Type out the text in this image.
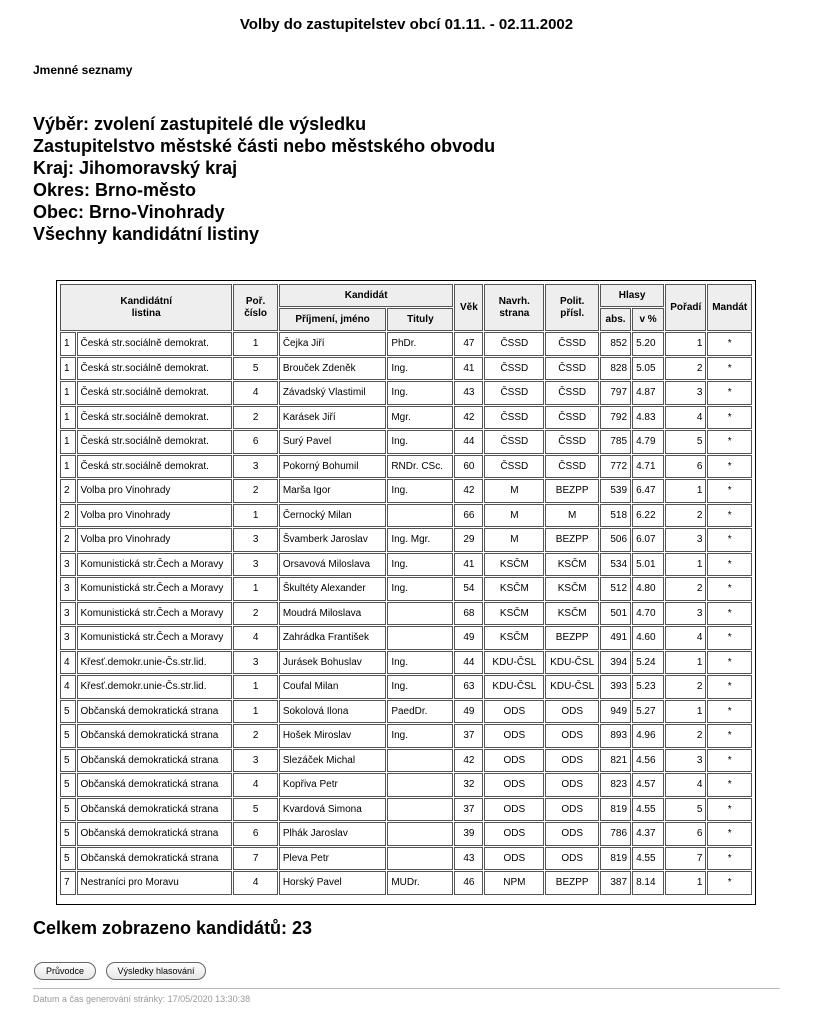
Volby do zastupitelstev obcí 01.11. - 02.11.2002
Jmenné seznamy
Výběr: zvolení zastupitelé dle výsledku
Zastupitelstvo městské části nebo městského obvodu
Kraj: Jihomoravský kraj
Okres: Brno-město
Obec: Brno-Vinohrady
Všechny kandidátní listiny
Kandidátní
listina		Poř.
číslo	Kandidát		Věk	Navrh.
strana	Polit.
přísl.	Hlasy		Pořadí	Mandát
			Příjmení, jméno	Tituly				abs.	v %		
1	Česká str.sociálně demokrat.	1	Čejka Jiří	PhDr.	47	ČSSD	ČSSD	852	5.20	1	*
1	Česká str.sociálně demokrat.	5	Brouček Zdeněk	Ing.	41	ČSSD	ČSSD	828	5.05	2	*
1	Česká str.sociálně demokrat.	4	Závadský Vlastimil	Ing.	43	ČSSD	ČSSD	797	4.87	3	*
1	Česká str.sociálně demokrat.	2	Karásek Jiří	Mgr.	42	ČSSD	ČSSD	792	4.83	4	*
1	Česká str.sociálně demokrat.	6	Surý Pavel	Ing.	44	ČSSD	ČSSD	785	4.79	5	*
1	Česká str.sociálně demokrat.	3	Pokorný Bohumil	RNDr. CSc.	60	ČSSD	ČSSD	772	4.71	6	*
2	Volba pro Vinohrady	2	Marša Igor	Ing.	42	M	BEZPP	539	6.47	1	*
2	Volba pro Vinohrady	1	Černocký Milan		66	M	M	518	6.22	2	*
2	Volba pro Vinohrady	3	Švamberk Jaroslav	Ing. Mgr.	29	M	BEZPP	506	6.07	3	*
3	Komunistická str.Čech a Moravy	3	Orsavová Miloslava	Ing.	41	KSČM	KSČM	534	5.01	1	*
3	Komunistická str.Čech a Moravy	1	Škultéty Alexander	Ing.	54	KSČM	KSČM	512	4.80	2	*
3	Komunistická str.Čech a Moravy	2	Moudrá Miloslava		68	KSČM	KSČM	501	4.70	3	*
3	Komunistická str.Čech a Moravy	4	Zahrádka František		49	KSČM	BEZPP	491	4.60	4	*
4	Křesť.demokr.unie-Čs.str.lid.	3	Jurásek Bohuslav	Ing.	44	KDU-ČSL	KDU-ČSL	394	5.24	1	*
4	Křesť.demokr.unie-Čs.str.lid.	1	Coufal Milan	Ing.	63	KDU-ČSL	KDU-ČSL	393	5.23	2	*
5	Občanská demokratická strana	1	Sokolová Ilona	PaedDr.	49	ODS	ODS	949	5.27	1	*
5	Občanská demokratická strana	2	Hošek Miroslav	Ing.	37	ODS	ODS	893	4.96	2	*
5	Občanská demokratická strana	3	Slezáček Michal		42	ODS	ODS	821	4.56	3	*
5	Občanská demokratická strana	4	Kopřiva Petr		32	ODS	ODS	823	4.57	4	*
5	Občanská demokratická strana	5	Kvardová Simona		37	ODS	ODS	819	4.55	5	*
5	Občanská demokratická strana	6	Plhák Jaroslav		39	ODS	ODS	786	4.37	6	*
5	Občanská demokratická strana	7	Pleva Petr		43	ODS	ODS	819	4.55	7	*
7	Nestraníci pro Moravu	4	Horský Pavel	MUDr.	46	NPM	BEZPP	387	8.14	1	*
Celkem zobrazeno kandidátů: 23
Průvodce	Výsledky hlasování
Datum a čas generování stránky: 17/05/2020 13:30:38
